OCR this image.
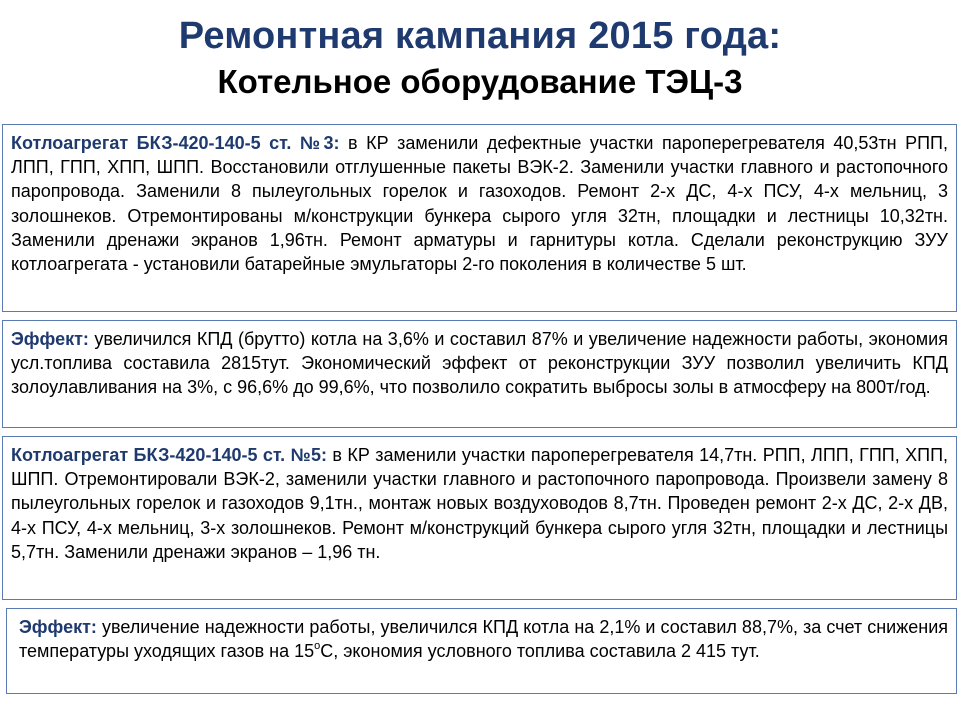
Ремонтная кампания 2015 года:
Котельное оборудование ТЭЦ-3
Котлоагрегат БКЗ-420-140-5 ст. №3: в КР заменили дефектные участки пароперегревателя 40,53тн РПП, ЛПП, ГПП, ХПП, ШПП. Восстановили отглушенные пакеты ВЭК-2. Заменили участки главного и растопочного паропровода. Заменили 8 пылеугольных горелок и газоходов. Ремонт 2-х ДС, 4-х ПСУ, 4-х мельниц, 3 золошнеков. Отремонтированы м/конструкции бункера сырого угля 32тн, площадки и лестницы 10,32тн. Заменили дренажи экранов 1,96тн. Ремонт арматуры и гарнитуры котла. Сделали реконструкцию ЗУУ котлоагрегата - установили батарейные эмульгаторы 2-го поколения в количестве 5 шт.
Эффект: увеличился КПД (брутто) котла на 3,6% и составил 87% и увеличение надежности работы, экономия усл.топлива составила 2815тут. Экономический эффект от реконструкции ЗУУ позволил увеличить КПД золоулавливания на 3%, с 96,6% до 99,6%, что позволило сократить выбросы золы в атмосферу на 800т/год.
Котлоагрегат БКЗ-420-140-5 ст. №5: в КР заменили участки пароперегревателя 14,7тн. РПП, ЛПП, ГПП, ХПП, ШПП. Отремонтировали ВЭК-2, заменили участки главного и растопочного паропровода. Произвели замену 8 пылеугольных горелок и газоходов 9,1тн., монтаж новых воздуховодов 8,7тн. Проведен ремонт 2-х ДС, 2-х ДВ, 4-х ПСУ, 4-х мельниц, 3-х золошнеков. Ремонт м/конструкций бункера сырого угля 32тн, площадки и лестницы 5,7тн. Заменили дренажи экранов – 1,96 тн.
Эффект: увеличение надежности работы, увеличился КПД котла на 2,1% и составил 88,7%, за счет снижения температуры уходящих газов на $15^оС$, экономия условного топлива составила 2 415 тут.
